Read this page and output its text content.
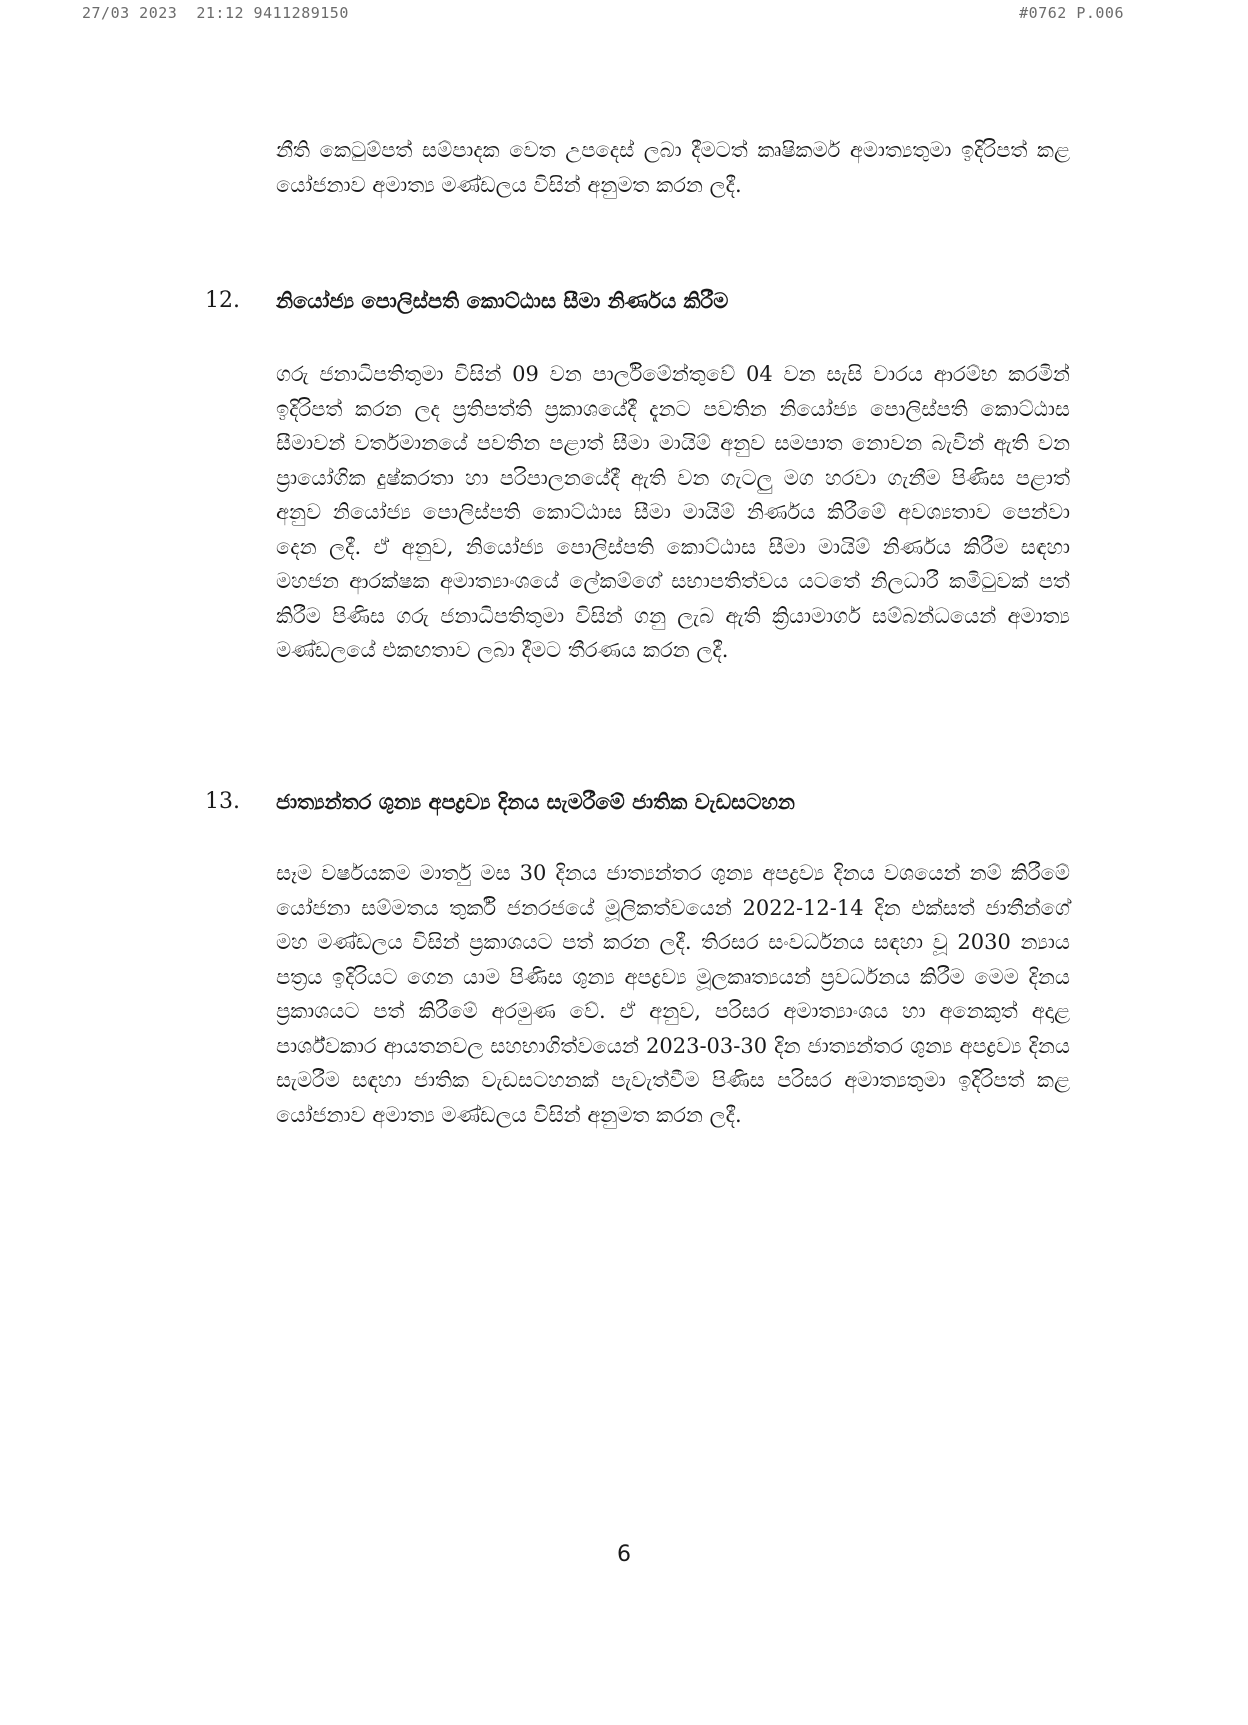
27/03 2023  21:12 9411289150	#0762 P.006

නීති කෙටුම්පත් සම්පාදක වෙත උපදෙස් ලබා දීමටත් කෘෂිකර්ම අමාත්‍යතුමා ඉදිරිපත් කළ යෝජනාව අමාත්‍ය මණ්ඩලය විසින් අනුමත කරන ලදී.

12. නියෝජ්‍ය පොලිස්පති කොට්ඨාස සීමා නිර්ණය කිරීම

ගරු ජනාධිපතිතුමා විසින් 09 වන පාර්ලිමේන්තුවේ 04 වන සැසි වාරය ආරම්භ කරමින් ඉදිරිපත් කරන ලද ප්‍රතිපත්ති ප්‍රකාශයේදී දැනට පවතින නියෝජ්‍ය පොලිස්පති කොට්ඨාස සීමාවන් වර්තමානයේ පවතින පළාත් සීමා මායිම් අනුව සමපාත නොවන බැවින් ඇති වන ප්‍රායෝගික දුෂ්කරතා හා පරිපාලනයේදී ඇති වන ගැටලු මග හරවා ගැනීම පිණිස පළාත් අනුව නියෝජ්‍ය පොලිස්පති කොට්ඨාස සීමා මායිම් නිර්ණය කිරීමේ අවශ්‍යතාව පෙන්වා දෙන ලදී. ඒ අනුව, නියෝජ්‍ය පොලිස්පති කොට්ඨාස සීමා මායිම් නිර්ණය කිරීම සඳහා මහජන ආරක්ෂක අමාත්‍යාංශයේ ලේකම්ගේ සභාපතිත්වය යටතේ නිලධාරී කමිටුවක් පත් කිරීම පිණිස ගරු ජනාධිපතිතුමා විසින් ගනු ලැබ ඇති ක්‍රියාමාර්ග සම්බන්ධයෙන් අමාත්‍ය මණ්ඩලයේ එකඟතාව ලබා දීමට තීරණය කරන ලදී.

13. ජාත්‍යන්තර ශුන්‍ය අපද්‍රව්‍ය දිනය සැමරීමේ ජාතික වැඩසටහන

සෑම වර්ෂයකම මාර්තු මස 30 දිනය ජාත්‍යන්තර ශුන්‍ය අපද්‍රව්‍ය දිනය වශයෙන් නම් කිරීමේ යෝජනා සම්මතය තුර්කි ජනරජයේ මූලිකත්වයෙන් 2022-12-14 දින එක්සත් ජාතීන්ගේ මහ මණ්ඩලය විසින් ප්‍රකාශයට පත් කරන ලදී. තිරසර සංවර්ධනය සඳහා වූ 2030 න්‍යාය පත්‍රය ඉදිරියට ගෙන යාම පිණිස ශුන්‍ය අපද්‍රව්‍ය මූලකෘත්‍යයන් ප්‍රවර්ධනය කිරීම මෙම දිනය ප්‍රකාශයට පත් කිරීමේ අරමුණ වේ. ඒ අනුව, පරිසර අමාත්‍යාංශය හා අනෙකුත් අදාළ පාර්ශ්වකාර ආයතනවල සහභාගිත්වයෙන් 2023-03-30 දින ජාත්‍යන්තර ශුන්‍ය අපද්‍රව්‍ය දිනය සැමරීම සඳහා ජාතික වැඩසටහනක් පැවැත්වීම පිණිස පරිසර අමාත්‍යතුමා ඉදිරිපත් කළ යෝජනාව අමාත්‍ය මණ්ඩලය විසින් අනුමත කරන ලදී.

6
